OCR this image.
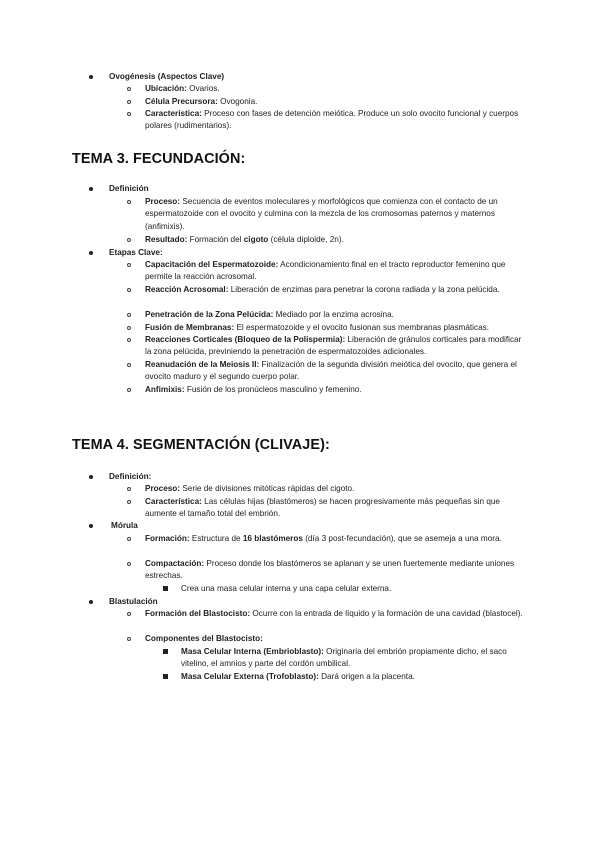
Ovogénesis (Aspectos Clave)
Ubicación: Ovarios.
Célula Precursora: Ovogonia.
Característica: Proceso con fases de detención meiótica. Produce un solo ovocito funcional y cuerpos polares (rudimentarios).
TEMA 3. FECUNDACIÓN:
Definición
Proceso: Secuencia de eventos moleculares y morfológicos que comienza con el contacto de un espermatozoide con el ovocito y culmina con la mezcla de los cromosomas paternos y maternos (anfimixis).
Resultado: Formación del cigoto (célula diploide, 2n).
Etapas Clave:
Capacitación del Espermatozoide: Acondicionamiento final en el tracto reproductor femenino que permite la reacción acrosomal.
Reacción Acrosomal: Liberación de enzimas para penetrar la corona radiada y la zona pelúcida.
Penetración de la Zona Pelúcida: Mediado por la enzima acrosina.
Fusión de Membranas: El espermatozoide y el ovocito fusionan sus membranas plasmáticas.
Reacciones Corticales (Bloqueo de la Polispermia): Liberación de gránulos corticales para modificar la zona pelúcida, previniendo la penetración de espermatozoides adicionales.
Reanudación de la Meiosis II: Finalización de la segunda división meiótica del ovocito, que genera el ovocito maduro y el segundo cuerpo polar.
Anfimixis: Fusión de los pronúcleos masculino y femenino.
TEMA 4. SEGMENTACIÓN (CLIVAJE):
Definición:
Proceso: Serie de divisiones mitóticas rápidas del cigoto.
Característica: Las células hijas (blastómeros) se hacen progresivamente más pequeñas sin que aumente el tamaño total del embrión.
Mórula
Formación: Estructura de 16 blastómeros (día 3 post-fecundación), que se asemeja a una mora.
Compactación: Proceso donde los blastómeros se aplanan y se unen fuertemente mediante uniones estrechas.
Crea una masa celular interna y una capa celular externa.
Blastulación
Formación del Blastocisto: Ocurre con la entrada de líquido y la formación de una cavidad (blastocel).
Componentes del Blastocisto:
Masa Celular Interna (Embrioblasto): Originaria del embrión propiamente dicho, el saco vitelino, el amnios y parte del cordón umbilical.
Masa Celular Externa (Trofoblasto): Dará origen a la placenta.
